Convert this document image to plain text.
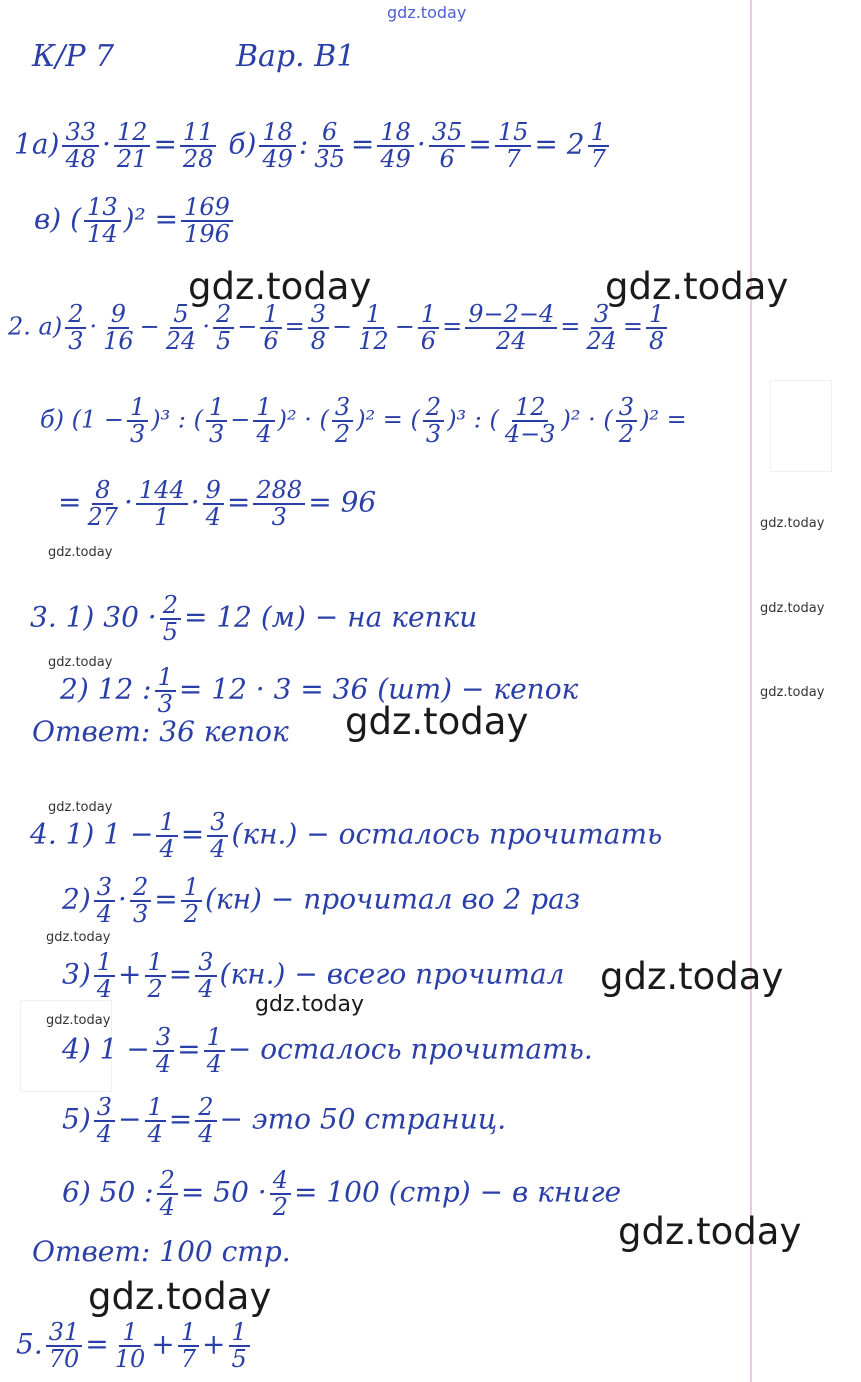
К/Р 7	Вар. В1
$1а) \frac{33}{48} \cdot \frac{12}{21} = \frac{11}{28} б) \frac{18}{49}$ : $\frac{6}{35} = \frac{18}{49} \cdot \frac{35}{6} = \frac{15}{7} = 2 \frac{1}{7}$
в) ( $\frac{13}{14} )^2 = \frac{169}{196}$
2. $а) \frac{2}{3} \cdot \frac{9}{16} - \frac{5}{24} \cdot \frac{2}{5} - \frac{1}{6} = \frac{3}{8} - \frac{1}{12} - \frac{1}{6} = \frac{9-2-4}{24} = \frac{3}{24} = \frac{1}{8}$
б) $(1 - \frac{1}{3} )^3$ : ( $\frac{1}{3} - \frac{1}{4} )^2$ · ( $\frac{3}{2} )^2$ = ( $\frac{2}{3} )^3$ : ( $\frac{12}{4-3} )^2$ · ( $\frac{3}{2} )^2$ =
= $\frac{8}{27} \cdot \frac{144}{1} \cdot \frac{9}{4} = \frac{288}{3} = 96$
3. 1) $30 \cdot \frac{2}{5} = 12$ (м) − на кепки
2) 12 : $\frac{1}{3} = 12 \cdot 3 = 36$ (шт) − кепок
Ответ: 36 кепок
4. 1) $1 - \frac{1}{4} = \frac{3}{4} (кн.)$ − осталось прочитать
$2) \frac{3}{4} \cdot \frac{2}{3} = \frac{1}{2} (кн)$ − прочитал во 2 раз
$3) \frac{1}{4} + \frac{1}{2} = \frac{3}{4} (кн.)$ − всего прочитал
4) $1 - \frac{3}{4} = \frac{1}{4}$ − осталось прочитать.
$5) \frac{3}{4} - \frac{1}{4} = \frac{2}{4}$ − это 50 страниц.
6) 50 : $\frac{2}{4} = 50 \cdot \frac{4}{2} = 100$ (стр) − в книге
Ответ: 100 стр.
5. $\frac{31}{70} = \frac{1}{10} + \frac{1}{7} + \frac{1}{5}$
gdz.today
gdz.today	gdz.today
gdz.today
gdz.today
gdz.today
gdz.today
gdz.today
gdz.today
gdz.today
gdz.today
gdz.today
gdz.today
gdz.today
gdz.today
gdz.today
